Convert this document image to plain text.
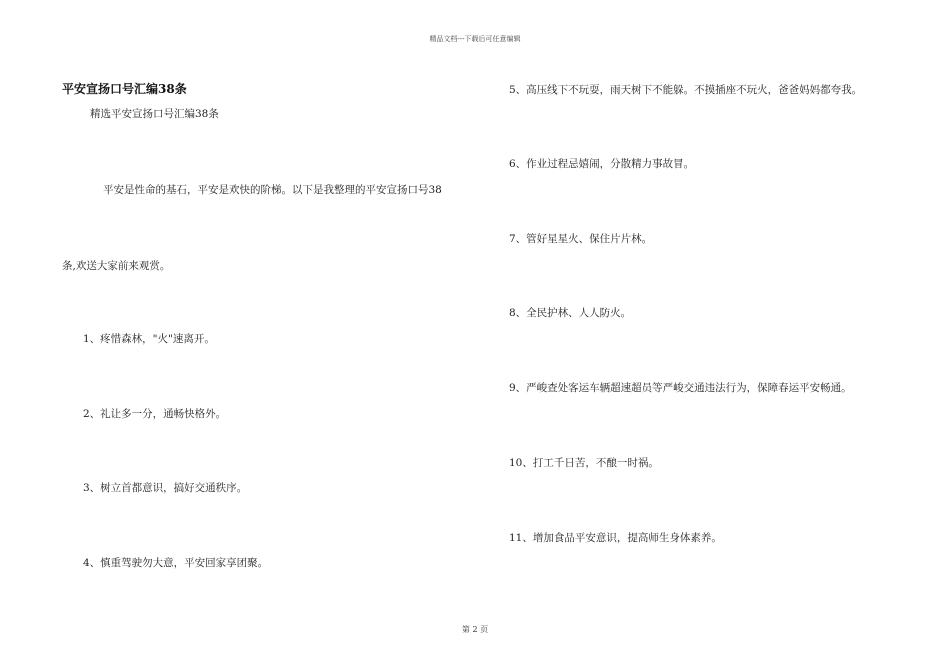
精品文档---下载后可任意编辑
平安宣扬口号汇编38条
精选平安宣扬口号汇编38条
平安是性命的基石，平安是欢快的阶梯。以下是我整理的平安宣扬口号38
条,欢送大家前来观赏。
1、疼惜森林，"火"速离开。
2、礼让多一分，通畅快格外。
3、树立首都意识，搞好交通秩序。
4、慎重驾驶勿大意，平安回家享团聚。
5、高压线下不玩耍，雨天树下不能躲。不摸插座不玩火，爸爸妈妈都夸我。
6、作业过程忌嬉闹，分散精力事故冒。
7、管好星星火、保住片片林。
8、全民护林、人人防火。
9、严峻查处客运车辆超速超员等严峻交通违法行为，保障春运平安畅通。
10、打工千日苦，不酿一时祸。
11、增加食品平安意识，提高师生身体素养。
第 2 页
